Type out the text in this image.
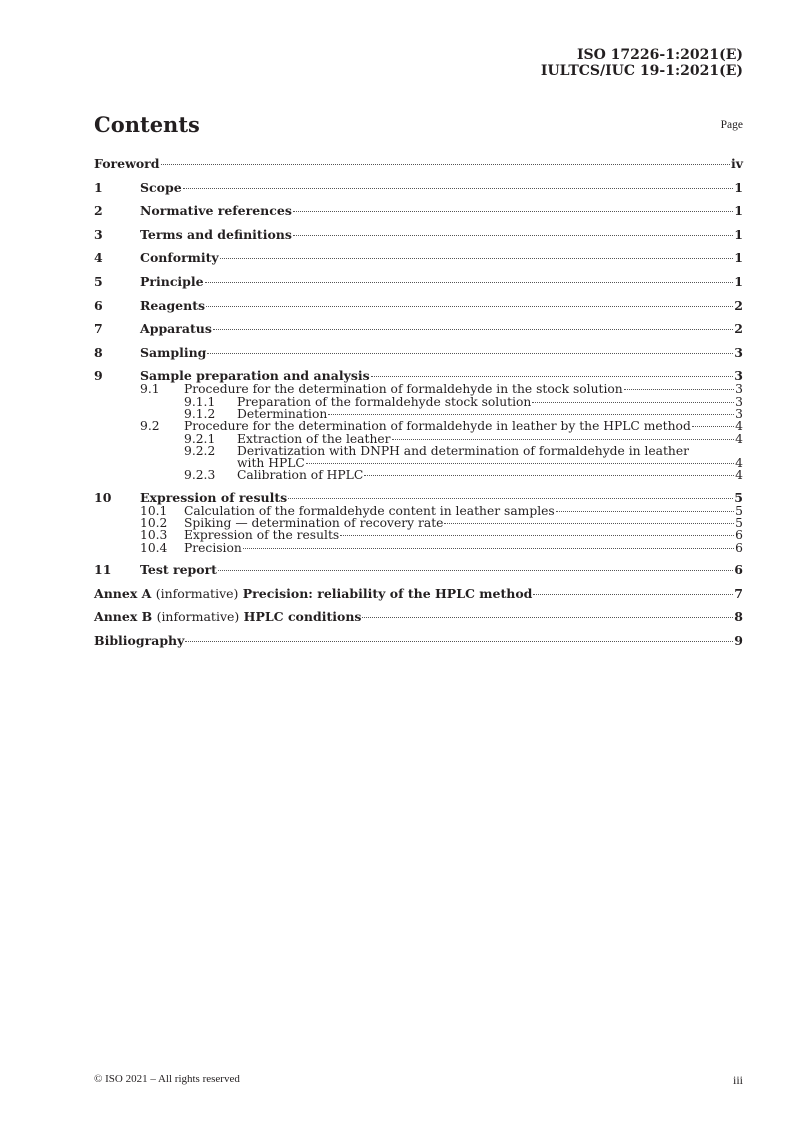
ISO 17226-1:2021(E)
IULTCS/IUC 19-1:2021(E)
Contents	Page
Foreword	iv
1	Scope	1
2	Normative references	1
3	Terms and definitions	1
4	Conformity	1
5	Principle	1
6	Reagents	2
7	Apparatus	2
8	Sampling	3
9	Sample preparation and analysis	3
9.1	Procedure for the determination of formaldehyde in the stock solution	3
9.1.1	Preparation of the formaldehyde stock solution	3
9.1.2	Determination	3
9.2	Procedure for the determination of formaldehyde in leather by the HPLC method	4
9.2.1	Extraction of the leather	4
9.2.2	Derivatization with DNPH and determination of formaldehyde in leather
with HPLC	4
9.2.3	Calibration of HPLC	4
10	Expression of results	5
10.1	Calculation of the formaldehyde content in leather samples	5
10.2	Spiking — determination of recovery rate	5
10.3	Expression of the results	6
10.4	Precision	6
11	Test report	6
Annex A (informative) Precision: reliability of the HPLC method	7
Annex B (informative) HPLC conditions	8
Bibliography	9
© ISO 2021 – All rights reserved	iii
